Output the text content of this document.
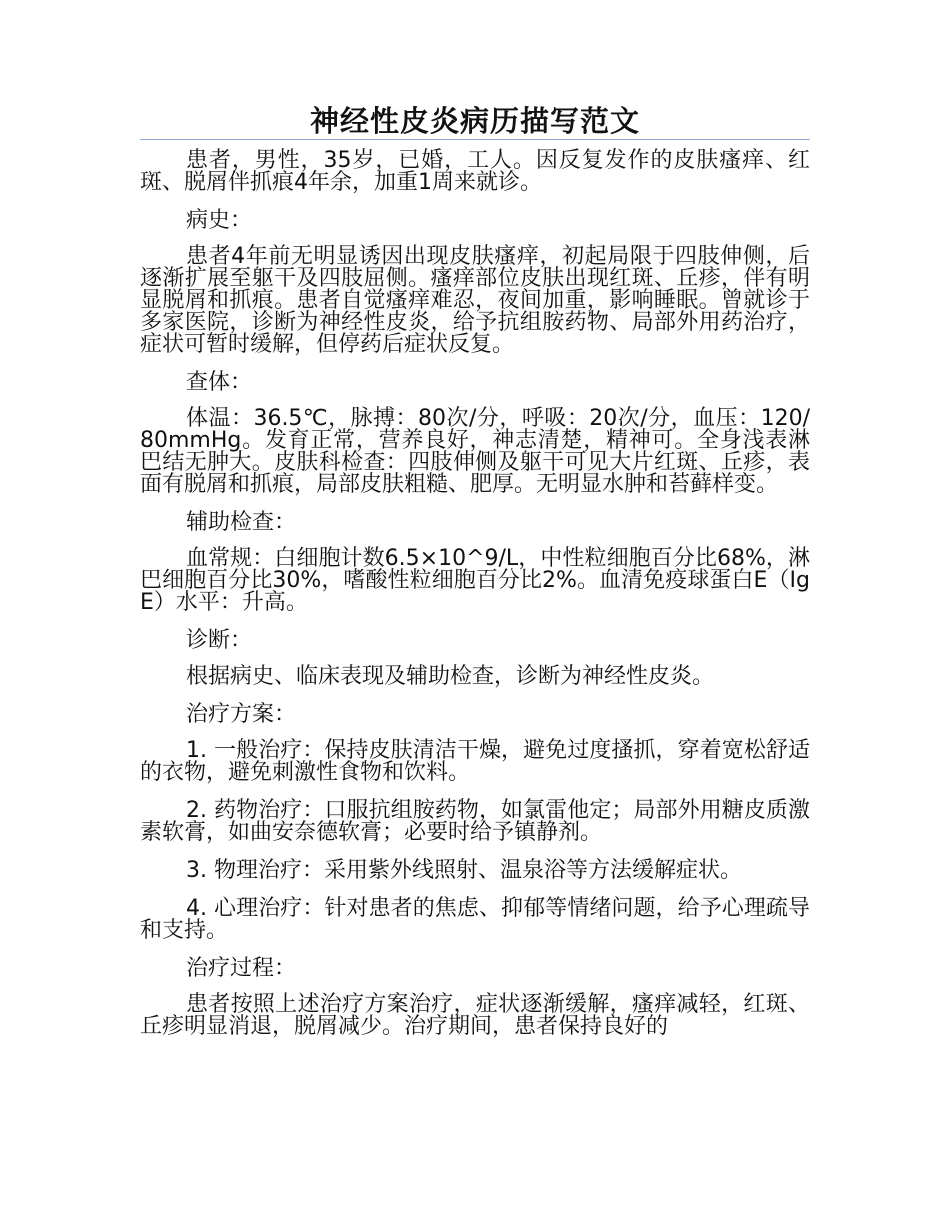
神经性皮炎病历描写范文

患者，男性，35岁，已婚，工人。因反复发作的皮肤瘙痒、红斑、脱屑伴抓痕4年余，加重1周来就诊。

病史：

患者4年前无明显诱因出现皮肤瘙痒，初起局限于四肢伸侧，后逐渐扩展至躯干及四肢屈侧。瘙痒部位皮肤出现红斑、丘疹，伴有明显脱屑和抓痕。患者自觉瘙痒难忍，夜间加重，影响睡眠。曾就诊于多家医院，诊断为神经性皮炎，给予抗组胺药物、局部外用药治疗，症状可暂时缓解，但停药后症状反复。

查体：

体温：36.5℃，脉搏：80次/分，呼吸：20次/分，血压：120/80mmHg。发育正常，营养良好，神志清楚，精神可。全身浅表淋巴结无肿大。皮肤科检查：四肢伸侧及躯干可见大片红斑、丘疹，表面有脱屑和抓痕，局部皮肤粗糙、肥厚。无明显水肿和苔藓样变。

辅助检查：

血常规：白细胞计数6.5×10^9/L，中性粒细胞百分比68%，淋巴细胞百分比30%，嗜酸性粒细胞百分比2%。血清免疫球蛋白E（IgE）水平：升高。

诊断：

根据病史、临床表现及辅助检查，诊断为神经性皮炎。

治疗方案：

1. 一般治疗：保持皮肤清洁干燥，避免过度搔抓，穿着宽松舒适的衣物，避免刺激性食物和饮料。

2. 药物治疗：口服抗组胺药物，如氯雷他定；局部外用糖皮质激素软膏，如曲安奈德软膏；必要时给予镇静剂。

3. 物理治疗：采用紫外线照射、温泉浴等方法缓解症状。

4. 心理治疗：针对患者的焦虑、抑郁等情绪问题，给予心理疏导和支持。

治疗过程：

患者按照上述治疗方案治疗，症状逐渐缓解，瘙痒减轻，红斑、丘疹明显消退，脱屑减少。治疗期间，患者保持良好的
